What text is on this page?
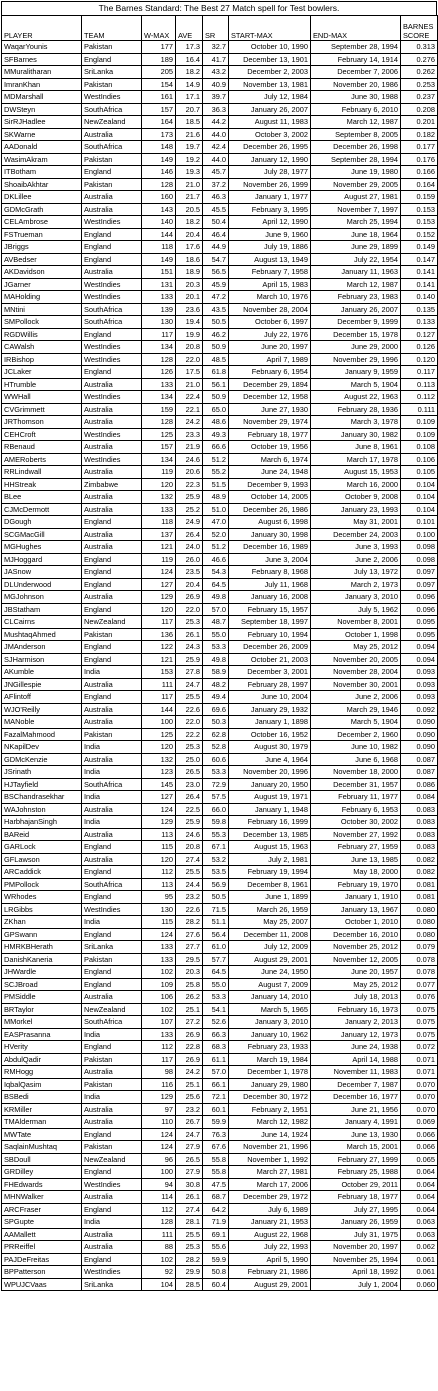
The Barnes Standard: The Best 27 Match spell for Test bowlers.
PLAYER	TEAM	W-MAX	AVE	SR	START-MAX	END-MAX	BARNES SCORE
WaqarYounis	Pakistan	177	17.3	32.7	October 10, 1990	September 28, 1994	0.313
SFBarnes	England	189	16.4	41.7	December 13, 1901	February 14, 1914	0.276
MMuralitharan	SriLanka	205	18.2	43.2	December 2, 2003	December 7, 2006	0.262
ImranKhan	Pakistan	154	14.9	40.9	November 13, 1981	November 20, 1986	0.253
MDMarshall	WestIndies	161	17.1	39.7	July 12, 1984	June 30, 1988	0.237
DWSteyn	SouthAfrica	157	20.7	36.3	January 26, 2007	February 6, 2010	0.208
SirRJHadlee	NewZealand	164	18.5	44.2	August 11, 1983	March 12, 1987	0.201
SKWarne	Australia	173	21.6	44.0	October 3, 2002	September 8, 2005	0.182
AADonald	SouthAfrica	148	19.7	42.4	December 26, 1995	December 26, 1998	0.177
WasimAkram	Pakistan	149	19.2	44.0	January 12, 1990	September 28, 1994	0.176
ITBotham	England	146	19.3	45.7	July 28, 1977	June 19, 1980	0.166
ShoaibAkhtar	Pakistan	128	21.0	37.2	November 26, 1999	November 29, 2005	0.164
DKLillee	Australia	160	21.7	46.3	January 1, 1977	August 27, 1981	0.159
GDMcGrath	Australia	143	20.5	45.5	February 3, 1995	November 7, 1997	0.153
CELAmbrose	WestIndies	140	18.2	50.4	April 12, 1990	March 25, 1994	0.153
FSTrueman	England	144	20.4	46.4	June 9, 1960	June 18, 1964	0.152
JBriggs	England	118	17.6	44.9	July 19, 1886	June 29, 1899	0.149
AVBedser	England	149	18.6	54.7	August 13, 1949	July 22, 1954	0.147
AKDavidson	Australia	151	18.9	56.5	February 7, 1958	January 11, 1963	0.141
JGarner	WestIndies	131	20.3	45.9	April 15, 1983	March 12, 1987	0.141
MAHolding	WestIndies	133	20.1	47.2	March 10, 1976	February 23, 1983	0.140
MNtini	SouthAfrica	139	23.6	43.5	November 28, 2004	January 26, 2007	0.135
SMPollock	SouthAfrica	130	19.4	50.5	October 6, 1997	December 9, 1999	0.133
RGDWillis	England	117	19.9	46.2	July 22, 1976	December 15, 1978	0.127
CAWalsh	WestIndies	134	20.8	50.9	June 20, 1997	June 29, 2000	0.126
IRBishop	WestIndies	128	22.0	48.5	April 7, 1989	November 29, 1996	0.120
JCLaker	England	126	17.5	61.8	February 6, 1954	January 9, 1959	0.117
HTrumble	Australia	133	21.0	56.1	December 29, 1894	March 5, 1904	0.113
WWHall	WestIndies	134	22.4	50.9	December 12, 1958	August 22, 1963	0.112
CVGrimmett	Australia	159	22.1	65.0	June 27, 1930	February 28, 1936	0.111
JRThomson	Australia	128	24.2	48.6	November 29, 1974	March 3, 1978	0.109
CEHCroft	WestIndies	125	23.3	49.3	February 18, 1977	January 30, 1982	0.109
RBenaud	Australia	157	21.9	66.6	October 19, 1956	June 8, 1961	0.108
AMERoberts	WestIndies	134	24.6	51.2	March 6, 1974	March 17, 1978	0.106
RRLindwall	Australia	119	20.6	55.2	June 24, 1948	August 15, 1953	0.105
HHStreak	Zimbabwe	120	22.3	51.5	December 9, 1993	March 16, 2000	0.104
BLee	Australia	132	25.9	48.9	October 14, 2005	October 9, 2008	0.104
CJMcDermott	Australia	133	25.2	51.0	December 26, 1986	January 23, 1993	0.104
DGough	England	118	24.9	47.0	August 6, 1998	May 31, 2001	0.101
SCGMacGill	Australia	137	26.4	52.0	January 30, 1998	December 24, 2003	0.100
MGHughes	Australia	121	24.0	51.2	December 16, 1989	June 3, 1993	0.098
MJHoggard	England	119	26.0	46.6	June 3, 2004	June 2, 2006	0.098
JASnow	England	124	23.5	54.3	February 8, 1968	July 13, 1972	0.097
DLUnderwood	England	127	20.4	64.5	July 11, 1968	March 2, 1973	0.097
MGJohnson	Australia	129	26.9	49.8	January 16, 2008	January 3, 2010	0.096
JBStatham	England	120	22.0	57.0	February 15, 1957	July 5, 1962	0.096
CLCairns	NewZealand	117	25.3	48.7	September 18, 1997	November 8, 2001	0.095
MushtaqAhmed	Pakistan	136	26.1	55.0	February 10, 1994	October 1, 1998	0.095
JMAnderson	England	122	24.3	53.3	December 26, 2009	May 25, 2012	0.094
SJHarmison	England	121	25.9	49.8	October 21, 2003	November 20, 2005	0.094
AKumble	India	153	27.8	58.9	December 3, 2001	November 28, 2004	0.093
JNGillespie	Australia	111	24.7	48.2	February 28, 1997	November 30, 2001	0.093
AFlintoff	England	117	25.5	49.4	June 10, 2004	June 2, 2006	0.093
WJO'Reilly	Australia	144	22.6	69.6	January 29, 1932	March 29, 1946	0.092
MANoble	Australia	100	22.0	50.3	January 1, 1898	March 5, 1904	0.090
FazalMahmood	Pakistan	125	22.2	62.8	October 16, 1952	December 2, 1960	0.090
NKapilDev	India	120	25.3	52.8	August 30, 1979	June 10, 1982	0.090
GDMcKenzie	Australia	132	25.0	60.6	June 4, 1964	June 6, 1968	0.087
JSrinath	India	123	26.5	53.3	November 20, 1996	November 18, 2000	0.087
HJTayfield	SouthAfrica	145	23.0	72.9	January 20, 1950	December 31, 1957	0.086
BSChandrasekhar	India	127	26.4	57.5	August 19, 1971	February 11, 1977	0.084
WAJohnston	Australia	124	22.5	66.0	January 1, 1948	February 6, 1953	0.083
HarbhajanSingh	India	129	25.9	59.8	February 16, 1999	October 30, 2002	0.083
BAReid	Australia	113	24.6	55.3	December 13, 1985	November 27, 1992	0.083
GARLock	England	115	20.8	67.1	August 15, 1963	February 27, 1959	0.083
GFLawson	Australia	120	27.4	53.2	July 2, 1981	June 13, 1985	0.082
ARCaddick	England	112	25.5	53.5	February 19, 1994	May 18, 2000	0.082
PMPollock	SouthAfrica	113	24.4	56.9	December 8, 1961	February 19, 1970	0.081
WRhodes	England	95	23.2	50.5	June 1, 1899	January 1, 1910	0.081
LRGibbs	WestIndies	130	22.6	71.5	March 26, 1959	January 13, 1967	0.080
ZKhan	India	115	28.2	51.1	May 25, 2007	October 1, 2010	0.080
GPSwann	England	124	27.6	56.4	December 11, 2008	December 16, 2010	0.080
HMRKBHerath	SriLanka	133	27.7	61.0	July 12, 2009	November 25, 2012	0.079
DanishKaneria	Pakistan	133	29.5	57.7	August 29, 2001	November 12, 2005	0.078
JHWardle	England	102	20.3	64.5	June 24, 1950	June 20, 1957	0.078
SCJBroad	England	109	25.8	55.0	August 7, 2009	May 25, 2012	0.077
PMSiddle	Australia	106	26.2	53.3	January 14, 2010	July 18, 2013	0.076
BRTaylor	NewZealand	102	25.1	54.1	March 5, 1965	February 16, 1973	0.075
MMorkel	SouthAfrica	107	27.2	52.6	January 3, 2010	January 2, 2013	0.075
EASPrasanna	India	133	26.9	66.3	January 10, 1962	January 12, 1973	0.075
HVerity	England	112	22.8	68.3	February 23, 1933	June 24, 1938	0.072
AbdulQadir	Pakistan	117	26.9	61.1	March 19, 1984	April 14, 1988	0.071
RMHogg	Australia	98	24.2	57.0	December 1, 1978	November 11, 1983	0.071
IqbalQasim	Pakistan	116	25.1	66.1	January 29, 1980	December 7, 1987	0.070
BSBedi	India	129	25.6	72.1	December 30, 1972	December 16, 1977	0.070
KRMiller	Australia	97	23.2	60.1	February 2, 1951	June 21, 1956	0.070
TMAlderman	Australia	110	26.7	59.9	March 12, 1982	January 4, 1991	0.069
MWTate	England	124	24.7	76.3	June 14, 1924	June 13, 1930	0.066
SaqlainMushtaq	Pakistan	124	27.9	67.6	November 21, 1996	March 15, 2001	0.066
SBDoull	NewZealand	96	26.5	55.8	November 1, 1992	February 27, 1999	0.065
GRDilley	England	100	27.9	55.8	March 27, 1981	February 25, 1988	0.064
FHEdwards	WestIndies	94	30.8	47.5	March 17, 2006	October 29, 2011	0.064
MHNWalker	Australia	114	26.1	68.7	December 29, 1972	February 18, 1977	0.064
ARCFraser	England	112	27.4	64.2	July 6, 1989	July 27, 1995	0.064
SPGupte	India	128	28.1	71.9	January 21, 1953	January 26, 1959	0.063
AAMallett	Australia	111	25.5	69.1	August 22, 1968	July 31, 1975	0.063
PRReiffel	Australia	88	25.3	55.6	July 22, 1993	November 20, 1997	0.062
PAJDeFreitas	England	102	28.2	59.9	April 5, 1990	November 25, 1994	0.061
BPPatterson	WestIndies	92	29.9	50.8	February 21, 1986	April 18, 1992	0.061
WPUJCVaas	SriLanka	104	28.5	60.4	August 29, 2001	July 1, 2004	0.060
